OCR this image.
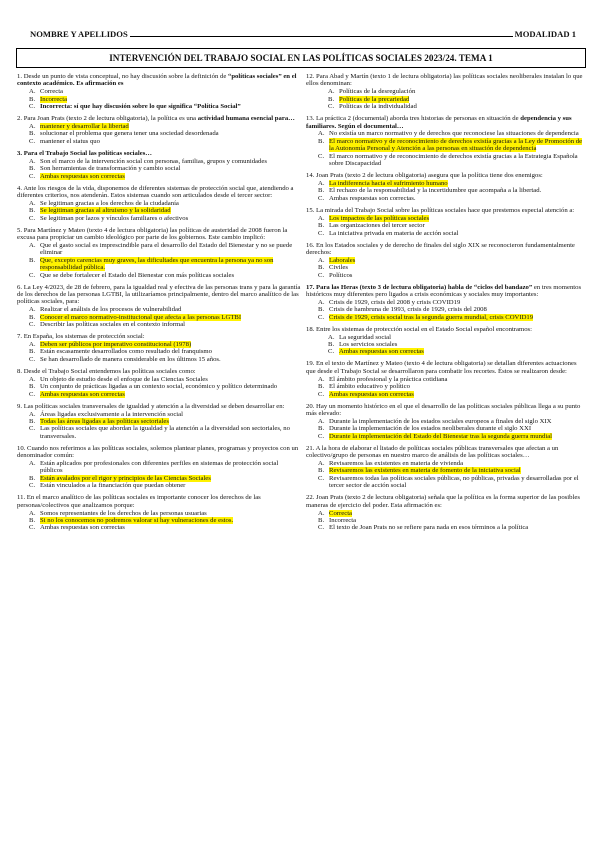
NOMBRE Y APELLIDOS	MODALIDAD 1
INTERVENCIÓN DEL TRABAJO SOCIAL EN LAS POLÍTICAS SOCIALES 2023/24. TEMA 1
1. Desde un punto de vista conceptual, no hay discusión sobre la definición de “políticas sociales” en el contexto académico. Es afirmación es
A. Correcta
B. Incorrecta
C. Incorrecta: sí que hay discusión sobre lo que significa “Política Social”
2. Para Joan Prats (texto 2 de lectura obligatoria), la política es una actividad humana esencial para…
A. mantener y desarrollar la libertad
B. solucionar el problema que genera tener una sociedad desordenada
C. mantener el status quo
3. Para el Trabajo Social las políticas sociales…
A. Son el marco de la intervención social con personas, familias, grupos y comunidades
B. Son herramientas de transformación y cambio social
C. Ambas respuestas son correctas
4. Ante los riesgos de la vida, disponemos de diferentes sistemas de protección social que, atendiendo a diferentes criterios, nos atenderán. Estos sistemas cuando son articulados desde el tercer sector:
A. Se legitiman gracias a los derechos de la ciudadanía
B. Se legitiman gracias al altruismo y la solidaridad
C. Se legitiman por lazos y vínculos familiares o afectivos
5. Para Martínez y Mateo (texto 4 de lectura obligatoria) las políticas de austeridad de 2008 fueron la excusa para propiciar un cambio ideológico por parte de los gobiernos. Este cambio implicó:
A. Que el gasto social es imprescindible para el desarrollo del Estado del Bienestar y no se puede eliminar
B. Que, excepto carencias muy graves, las dificultades que encuentra la persona ya no son responsabilidad pública.
C. Que se debe fortalecer el Estado del Bienestar con más políticas sociales
6. La Ley 4/2023, de 28 de febrero, para la igualdad real y efectiva de las personas trans y para la garantía de los derechos de las personas LGTBI, la utilizaríamos principalmente, dentro del marco analítico de las políticas sociales, para:
A. Realizar el análisis de los procesos de vulnerabilidad
B. Conocer el marco normativo-institucional que afecta a las personas LGTBI
C. Describir las políticas sociales en el contexto informal
7. En España, los sistemas de protección social:
A. Deben ser públicos por imperativo constitucional (1978)
B. Están escasamente desarrollados como resultado del franquismo
C. Se han desarrollado de manera considerable en los últimos 15 años.
8. Desde el Trabajo Social entendemos las políticas sociales como:
A. Un objeto de estudio desde el enfoque de las Ciencias Sociales
B. Un conjunto de prácticas ligadas a un contexto social, económico y político determinado
C. Ambas respuestas son correctas
9. Las políticas sociales transversales de igualdad y atención a la diversidad se deben desarrollar en:
A. Áreas ligadas exclusivamente a la intervención social
B. Todas las áreas ligadas a las políticas sectoriales
C. Las políticas sociales que abordan la igualdad y la atención a la diversidad son sectoriales, no transversales.
10. Cuando nos referimos a las políticas sociales, solemos plantear planes, programas y proyectos con un denominador común:
A. Están aplicados por profesionales con diferentes perfiles en sistemas de protección social públicos
B. Están avalados por el rigor y principios de las Ciencias Sociales
C. Están vinculados a la financiación que puedan obtener
11. En el marco analítico de las políticas sociales es importante conocer los derechos de las personas/colectivos que analizamos porque:
A. Somos representantes de los derechos de las personas usuarias
B. Si no los conocemos no podremos valorar si hay vulneraciones de estos.
C. Ambas respuestas son correctas
12. Para Abad y Martín (texto 1 de lectura obligatoria) las políticas sociales neoliberales instalan lo que ellos denominan:
A. Políticas de la desregulación
B. Políticas de la precariedad
C. Políticas de la individualidad
13. La práctica 2 (documental) aborda tres historias de personas en situación de dependencia y sus familiares. Según el documental…
A. No existía un marco normativo y de derechos que reconociese las situaciones de dependencia
B. El marco normativo y de reconocimiento de derechos existía gracias a la Ley de Promoción de la Autonomía Personal y Atención a las personas en situación de dependencia
C. El marco normativo y de reconocimiento de derechos existía gracias a la Estrategia Española sobre Discapacidad
14. Joan Prats (texto 2 de lectura obligatoria) asegura que la política tiene dos enemigos:
A. La indiferencia hacia el sufrimiento humano
B. El rechazo de la responsabilidad y la incertidumbre que acompaña a la libertad.
C. Ambas respuestas son correctas.
15. La mirada del Trabajo Social sobre las políticas sociales hace que prestemos especial atención a:
A. Los impactos de las políticas sociales
B. Las organizaciones del tercer sector
C. La iniciativa privada en materia de acción social
16. En los Estados sociales y de derecho de finales del siglo XIX se reconocieron fundamentalmente derechos:
A. Laborales
B. Civiles
C. Políticos
17. Para las Heras (texto 3 de lectura obligatoria) habla de “ciclos del bandazo” en tres momentos históricos muy diferentes pero ligados a crisis económicas y sociales muy importantes:
A. Crisis de 1929, crisis del 2008 y crisis COVID19
B. Crisis de hambruna de 1993, crisis de 1929, crisis del 2008
C. Crisis de 1929, crisis social tras la segunda guerra mundial, crisis COVID19
18. Entre los sistemas de protección social en el Estado Social español encontramos:
A. La seguridad social
B. Los servicios sociales
C. Ambas respuestas son correctas
19. En el texto de Martínez y Mateo (texto 4 de lectura obligatoria) se detallan diferentes actuaciones que desde el Trabajo Social se desarrollaron para combatir los recortes. Éstos se realizaron desde:
A. El ámbito profesional y la práctica cotidiana
B. El ámbito educativo y político
C. Ambas respuestas son correctas
20. Hay un momento histórico en el que el desarrollo de las políticas sociales públicas llega a su punto más elevado:
A. Durante la implementación de los estados sociales europeos a finales del siglo XIX
B. Durante la implementación de los estados neoliberales durante el siglo XXI
C. Durante la implementación del Estado del Bienestar tras la segunda guerra mundial
21. A la hora de elaborar el listado de políticas sociales públicas transversales que afectan a un colectivo/grupo de personas en nuestro marco de análisis de las políticas sociales…
A. Revisaremos las existentes en materia de vivienda
B. Revisaremos las existentes en materia de fomento de la iniciativa social
C. Revisaremos todas las políticas sociales públicas, no públicas, privadas y desarrolladas por el tercer sector de acción social
22. Joan Prats (texto 2 de lectura obligatoria) señala que la política es la forma superior de las posibles maneras de ejercicio del poder. Esta afirmación es:
A. Correcta
B. Incorrecta
C. El texto de Joan Prats no se refiere para nada en esos términos a la política
